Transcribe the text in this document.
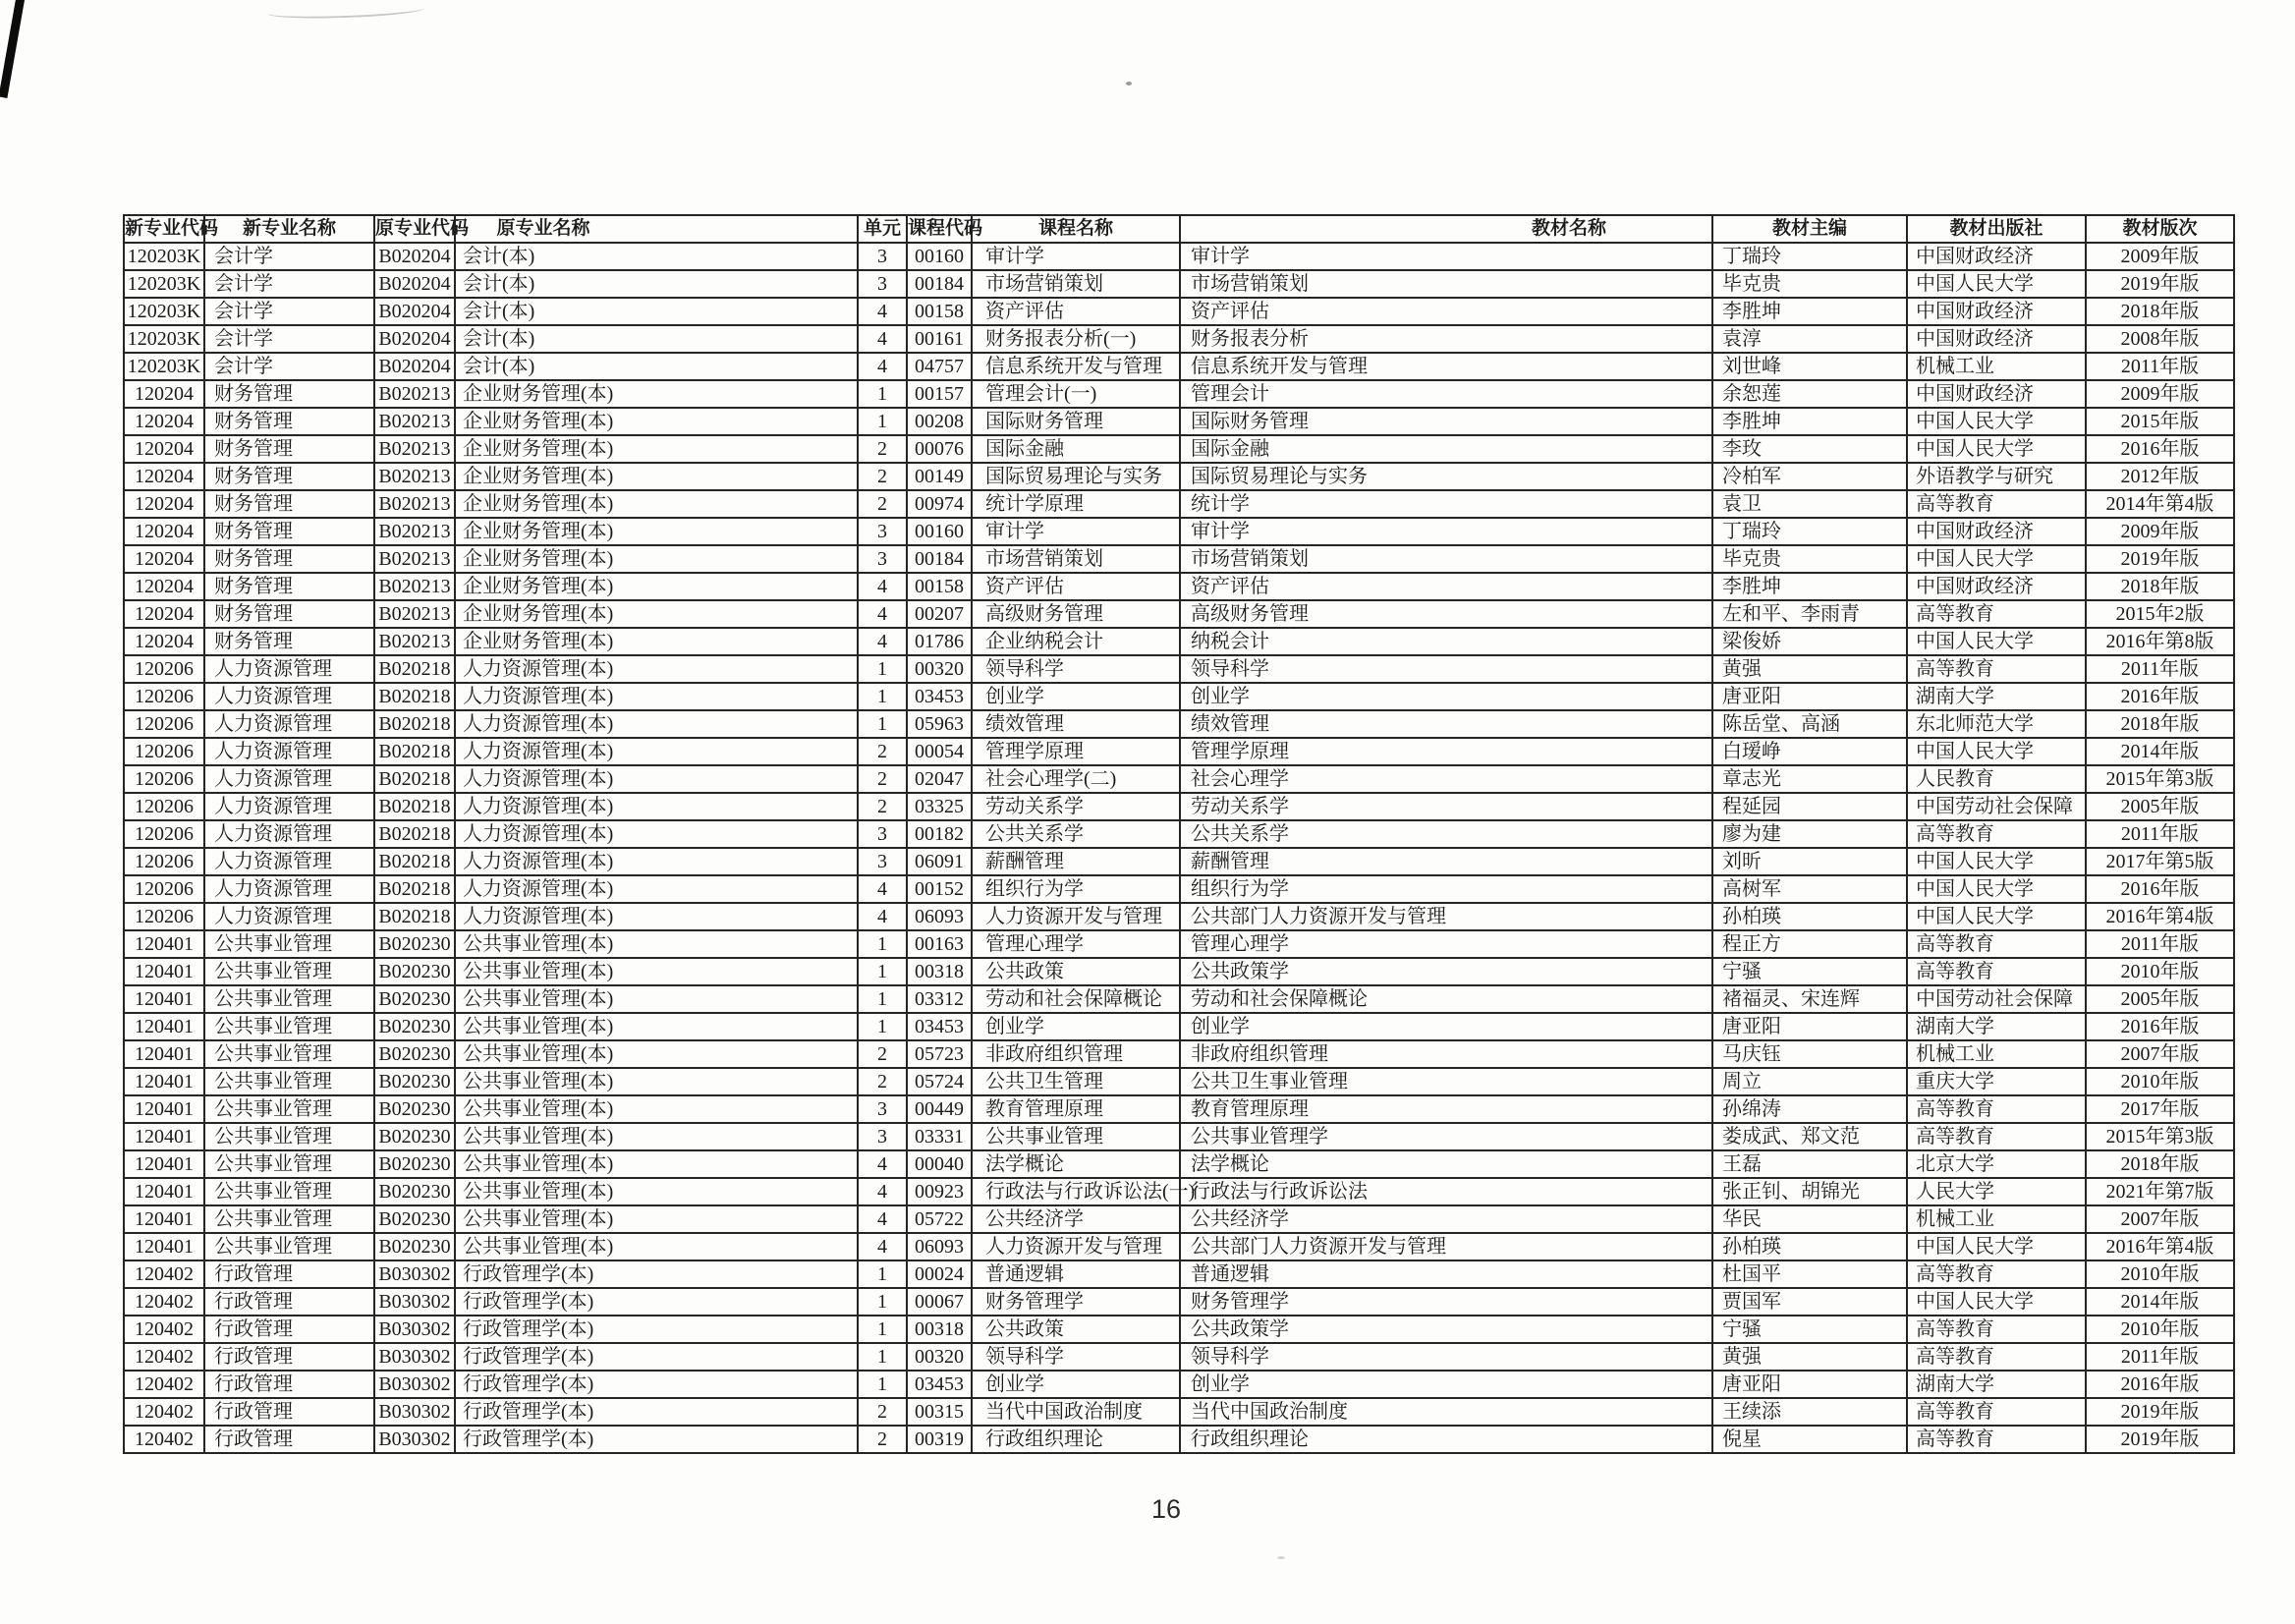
新专业代码	新专业名称	原专业代码	原专业名称	单元	课程代码	课程名称	教材名称	教材主编	教材出版社	教材版次
120203K	会计学	B020204	会计(本)	3	00160	审计学	审计学	丁瑞玲	中国财政经济	2009年版
120203K	会计学	B020204	会计(本)	3	00184	市场营销策划	市场营销策划	毕克贵	中国人民大学	2019年版
120203K	会计学	B020204	会计(本)	4	00158	资产评估	资产评估	李胜坤	中国财政经济	2018年版
120203K	会计学	B020204	会计(本)	4	00161	财务报表分析(一)	财务报表分析	袁淳	中国财政经济	2008年版
120203K	会计学	B020204	会计(本)	4	04757	信息系统开发与管理	信息系统开发与管理	刘世峰	机械工业	2011年版
120204	财务管理	B020213	企业财务管理(本)	1	00157	管理会计(一)	管理会计	余恕莲	中国财政经济	2009年版
120204	财务管理	B020213	企业财务管理(本)	1	00208	国际财务管理	国际财务管理	李胜坤	中国人民大学	2015年版
120204	财务管理	B020213	企业财务管理(本)	2	00076	国际金融	国际金融	李玫	中国人民大学	2016年版
120204	财务管理	B020213	企业财务管理(本)	2	00149	国际贸易理论与实务	国际贸易理论与实务	冷柏军	外语教学与研究	2012年版
120204	财务管理	B020213	企业财务管理(本)	2	00974	统计学原理	统计学	袁卫	高等教育	2014年第4版
120204	财务管理	B020213	企业财务管理(本)	3	00160	审计学	审计学	丁瑞玲	中国财政经济	2009年版
120204	财务管理	B020213	企业财务管理(本)	3	00184	市场营销策划	市场营销策划	毕克贵	中国人民大学	2019年版
120204	财务管理	B020213	企业财务管理(本)	4	00158	资产评估	资产评估	李胜坤	中国财政经济	2018年版
120204	财务管理	B020213	企业财务管理(本)	4	00207	高级财务管理	高级财务管理	左和平、李雨青	高等教育	2015年2版
120204	财务管理	B020213	企业财务管理(本)	4	01786	企业纳税会计	纳税会计	梁俊娇	中国人民大学	2016年第8版
120206	人力资源管理	B020218	人力资源管理(本)	1	00320	领导科学	领导科学	黄强	高等教育	2011年版
120206	人力资源管理	B020218	人力资源管理(本)	1	03453	创业学	创业学	唐亚阳	湖南大学	2016年版
120206	人力资源管理	B020218	人力资源管理(本)	1	05963	绩效管理	绩效管理	陈岳堂、高涵	东北师范大学	2018年版
120206	人力资源管理	B020218	人力资源管理(本)	2	00054	管理学原理	管理学原理	白瑷峥	中国人民大学	2014年版
120206	人力资源管理	B020218	人力资源管理(本)	2	02047	社会心理学(二)	社会心理学	章志光	人民教育	2015年第3版
120206	人力资源管理	B020218	人力资源管理(本)	2	03325	劳动关系学	劳动关系学	程延园	中国劳动社会保障	2005年版
120206	人力资源管理	B020218	人力资源管理(本)	3	00182	公共关系学	公共关系学	廖为建	高等教育	2011年版
120206	人力资源管理	B020218	人力资源管理(本)	3	06091	薪酬管理	薪酬管理	刘昕	中国人民大学	2017年第5版
120206	人力资源管理	B020218	人力资源管理(本)	4	00152	组织行为学	组织行为学	高树军	中国人民大学	2016年版
120206	人力资源管理	B020218	人力资源管理(本)	4	06093	人力资源开发与管理	公共部门人力资源开发与管理	孙柏瑛	中国人民大学	2016年第4版
120401	公共事业管理	B020230	公共事业管理(本)	1	00163	管理心理学	管理心理学	程正方	高等教育	2011年版
120401	公共事业管理	B020230	公共事业管理(本)	1	00318	公共政策	公共政策学	宁骚	高等教育	2010年版
120401	公共事业管理	B020230	公共事业管理(本)	1	03312	劳动和社会保障概论	劳动和社会保障概论	褚福灵、宋连辉	中国劳动社会保障	2005年版
120401	公共事业管理	B020230	公共事业管理(本)	1	03453	创业学	创业学	唐亚阳	湖南大学	2016年版
120401	公共事业管理	B020230	公共事业管理(本)	2	05723	非政府组织管理	非政府组织管理	马庆钰	机械工业	2007年版
120401	公共事业管理	B020230	公共事业管理(本)	2	05724	公共卫生管理	公共卫生事业管理	周立	重庆大学	2010年版
120401	公共事业管理	B020230	公共事业管理(本)	3	00449	教育管理原理	教育管理原理	孙绵涛	高等教育	2017年版
120401	公共事业管理	B020230	公共事业管理(本)	3	03331	公共事业管理	公共事业管理学	娄成武、郑文范	高等教育	2015年第3版
120401	公共事业管理	B020230	公共事业管理(本)	4	00040	法学概论	法学概论	王磊	北京大学	2018年版
120401	公共事业管理	B020230	公共事业管理(本)	4	00923	行政法与行政诉讼法(一)	行政法与行政诉讼法	张正钊、胡锦光	人民大学	2021年第7版
120401	公共事业管理	B020230	公共事业管理(本)	4	05722	公共经济学	公共经济学	华民	机械工业	2007年版
120401	公共事业管理	B020230	公共事业管理(本)	4	06093	人力资源开发与管理	公共部门人力资源开发与管理	孙柏瑛	中国人民大学	2016年第4版
120402	行政管理	B030302	行政管理学(本)	1	00024	普通逻辑	普通逻辑	杜国平	高等教育	2010年版
120402	行政管理	B030302	行政管理学(本)	1	00067	财务管理学	财务管理学	贾国军	中国人民大学	2014年版
120402	行政管理	B030302	行政管理学(本)	1	00318	公共政策	公共政策学	宁骚	高等教育	2010年版
120402	行政管理	B030302	行政管理学(本)	1	00320	领导科学	领导科学	黄强	高等教育	2011年版
120402	行政管理	B030302	行政管理学(本)	1	03453	创业学	创业学	唐亚阳	湖南大学	2016年版
120402	行政管理	B030302	行政管理学(本)	2	00315	当代中国政治制度	当代中国政治制度	王续添	高等教育	2019年版
120402	行政管理	B030302	行政管理学(本)	2	00319	行政组织理论	行政组织理论	倪星	高等教育	2019年版
16
